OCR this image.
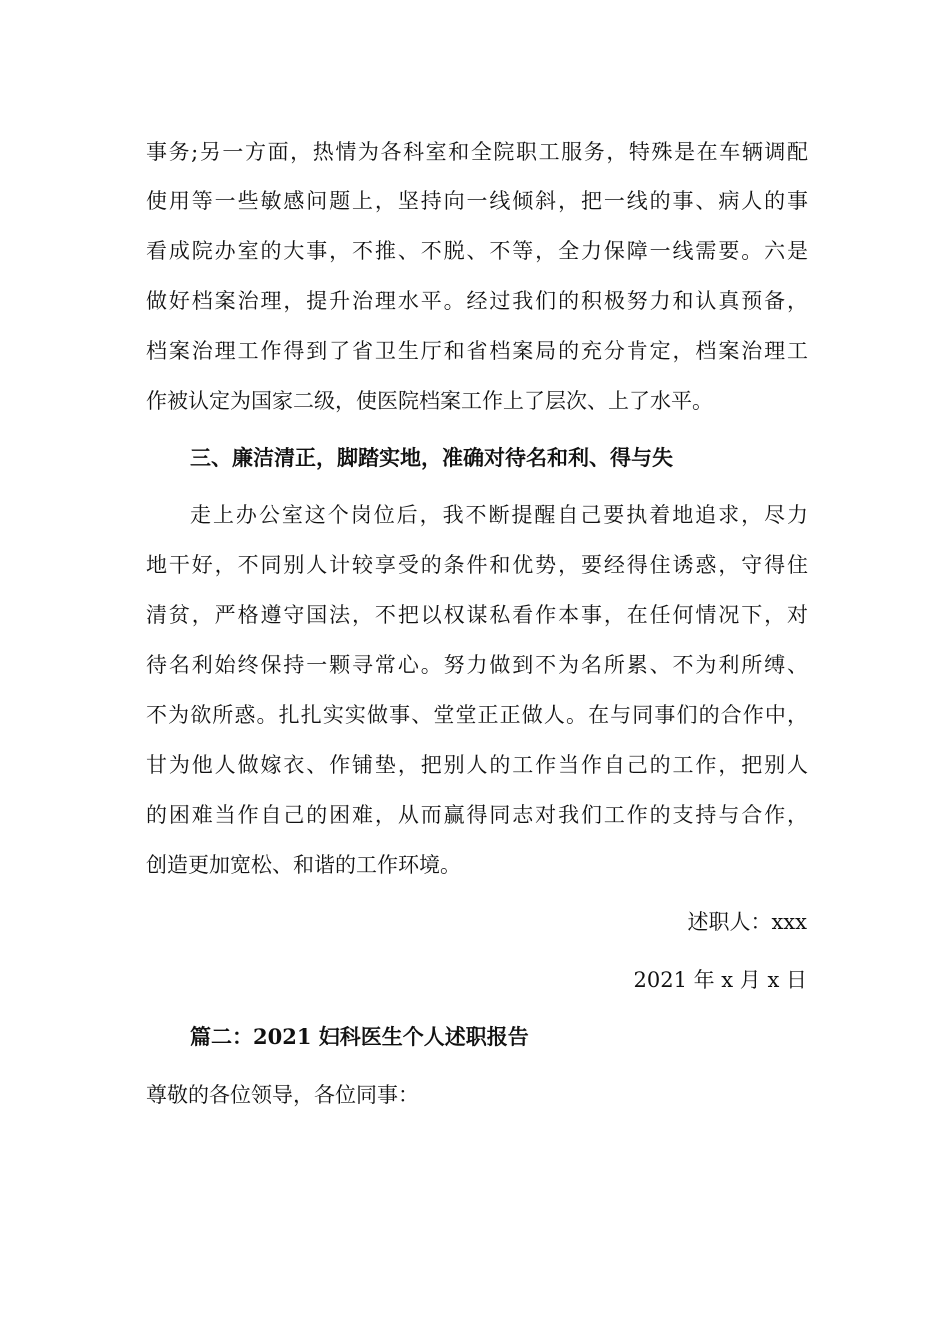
事务;另一方面，热情为各科室和全院职工服务，特殊是在车辆调配
使用等一些敏感问题上，坚持向一线倾斜，把一线的事、病人的事
看成院办室的大事，不推、不脱、不等，全力保障一线需要。六是
做好档案治理，提升治理水平。经过我们的积极努力和认真预备，
档案治理工作得到了省卫生厅和省档案局的充分肯定，档案治理工
作被认定为国家二级，使医院档案工作上了层次、上了水平。
三、廉洁清正，脚踏实地，准确对待名和利、得与失
走上办公室这个岗位后，我不断提醒自己要执着地追求，尽力
地干好，不同别人计较享受的条件和优势，要经得住诱惑，守得住
清贫，严格遵守国法，不把以权谋私看作本事，在任何情况下，对
待名利始终保持一颗寻常心。努力做到不为名所累、不为利所缚、
不为欲所惑。扎扎实实做事、堂堂正正做人。在与同事们的合作中，
甘为他人做嫁衣、作铺垫，把别人的工作当作自己的工作，把别人
的困难当作自己的困难，从而赢得同志对我们工作的支持与合作，
创造更加宽松、和谐的工作环境。
述职人：xxx
2021 年 x 月 x 日
篇二：2021 妇科医生个人述职报告
尊敬的各位领导，各位同事：
